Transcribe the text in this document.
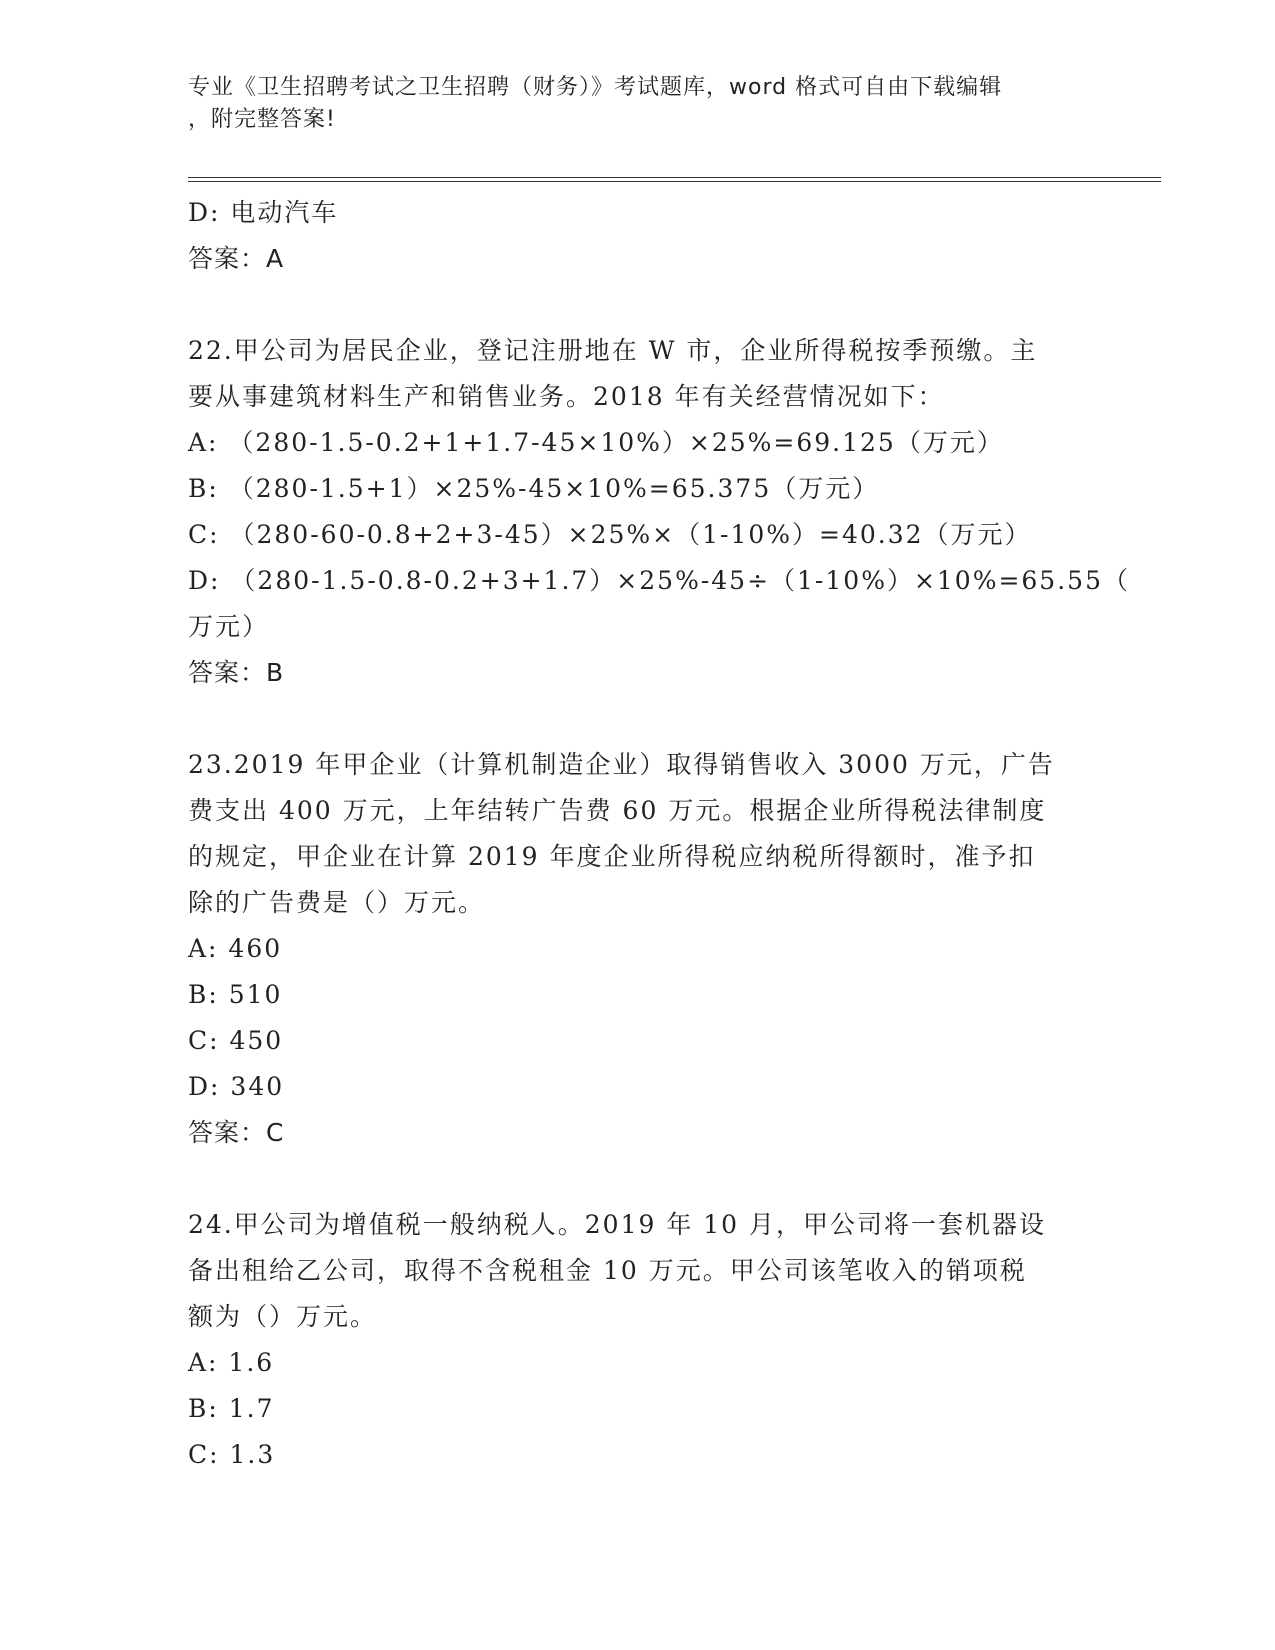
专业《卫生招聘考试之卫生招聘（财务）》考试题库，word 格式可自由下载编辑
，附完整答案!
D: 电动汽车
答案：A
22.甲公司为居民企业，登记注册地在 W 市，企业所得税按季预缴。主
要从事建筑材料生产和销售业务。2018 年有关经营情况如下：
A: （280-1.5-0.2+1+1.7-45×10%）×25%=69.125（万元）
B: （280-1.5+1）×25%-45×10%=65.375（万元）
C: （280-60-0.8+2+3-45）×25%×（1-10%）=40.32（万元）
D: （280-1.5-0.8-0.2+3+1.7）×25%-45÷（1-10%）×10%=65.55（
万元）
答案：B
23.2019 年甲企业（计算机制造企业）取得销售收入 3000 万元，广告
费支出 400 万元，上年结转广告费 60 万元。根据企业所得税法律制度
的规定，甲企业在计算 2019 年度企业所得税应纳税所得额时，准予扣
除的广告费是（）万元。
A: 460
B: 510
C: 450
D: 340
答案：C
24.甲公司为增值税一般纳税人。2019 年 10 月，甲公司将一套机器设
备出租给乙公司，取得不含税租金 10 万元。甲公司该笔收入的销项税
额为（）万元。
A: 1.6
B: 1.7
C: 1.3
